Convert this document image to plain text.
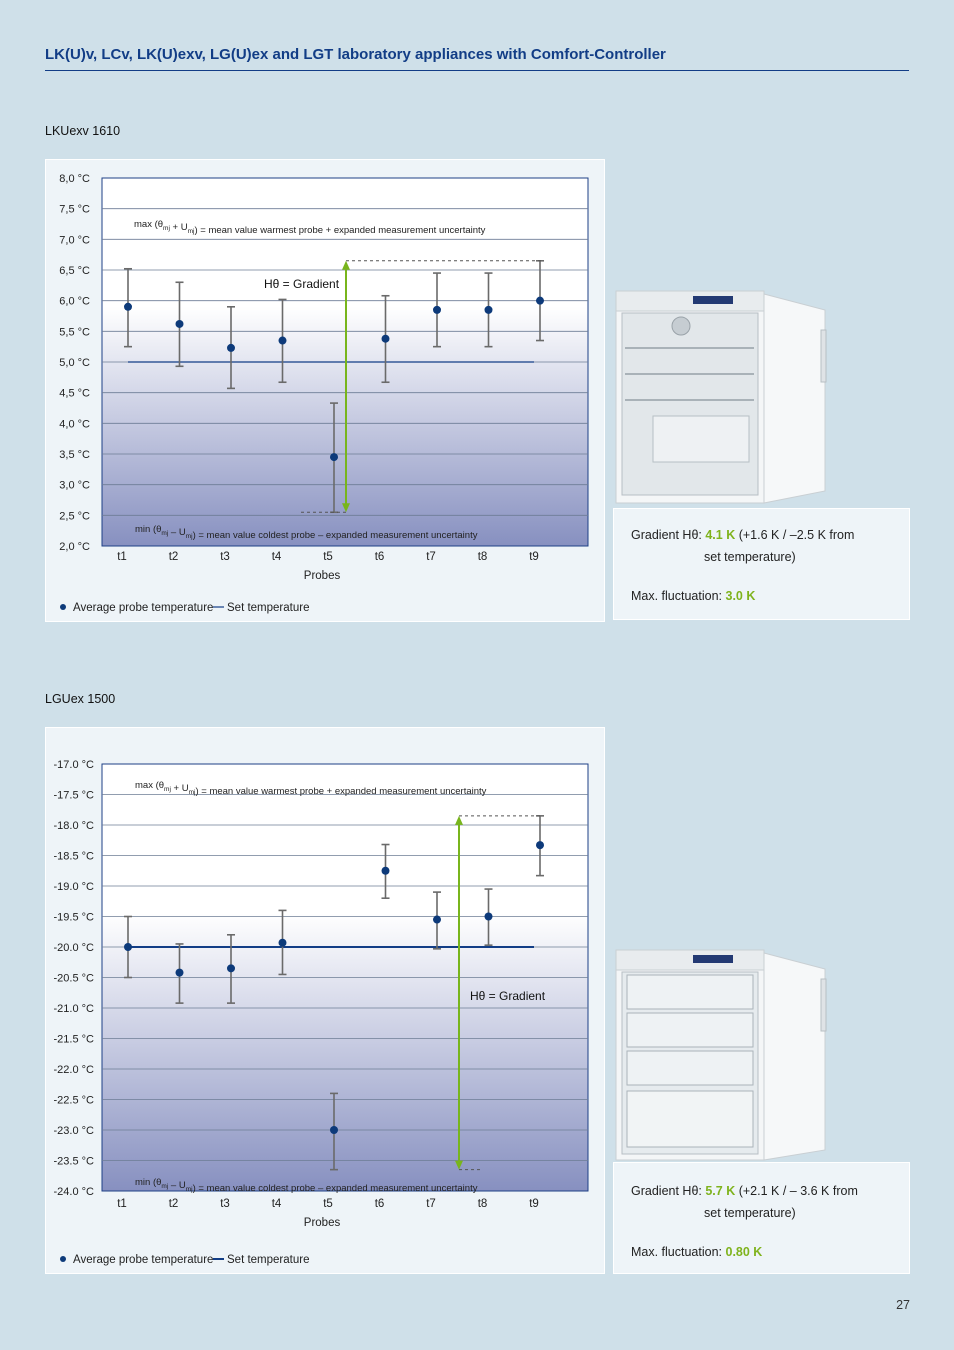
LK(U)v, LCv, LK(U)exv, LG(U)ex and LGT laboratory appliances with Comfort-Controller
LKUexv 1610
8,0 °C
7,5 °C
7,0 °C
6,5 °C
6,0 °C
5,5 °C
5,0 °C
4,5 °C
4,0 °C
3,5 °C
3,0 °C
2,5 °C
2,0 °C
$\max (\theta_{mj} + U_{mj})$ = mean value warmest probe + expanded measurement uncertainty
$\min (\theta_{mj} - U_{mj})$ = mean value coldest probe – expanded measurement uncertainty
Hθ = Gradient
t1	t2	t3	t4	t5	t6	t7	t8	t9
Probes
Average probe temperature Set temperature
Gradient Hθ: 4.1 K (+1.6 K / –2.5 K from
set temperature)
Max. fluctuation: 3.0 K
LGUex 1500
-17.0 °C
-17.5 °C
-18.0 °C
-18.5 °C
-19.0 °C
-19.5 °C
-20.0 °C
-20.5 °C
-21.0 °C
-21.5 °C
-22.0 °C
-22.5 °C
-23.0 °C
-23.5 °C
-24.0 °C
$\max (\theta_{mj} + U_{mj})$ = mean value warmest probe + expanded measurement uncertainty
$\min (\theta_{mj} - U_{mj})$ = mean value coldest probe – expanded measurement uncertainty
Hθ = Gradient
t1	t2	t3	t4	t5	t6	t7	t8	t9
Probes
Average probe temperature Set temperature
Gradient Hθ: 5.7 K (+2.1 K / – 3.6 K from
set temperature)
Max. fluctuation: 0.80 K
27
